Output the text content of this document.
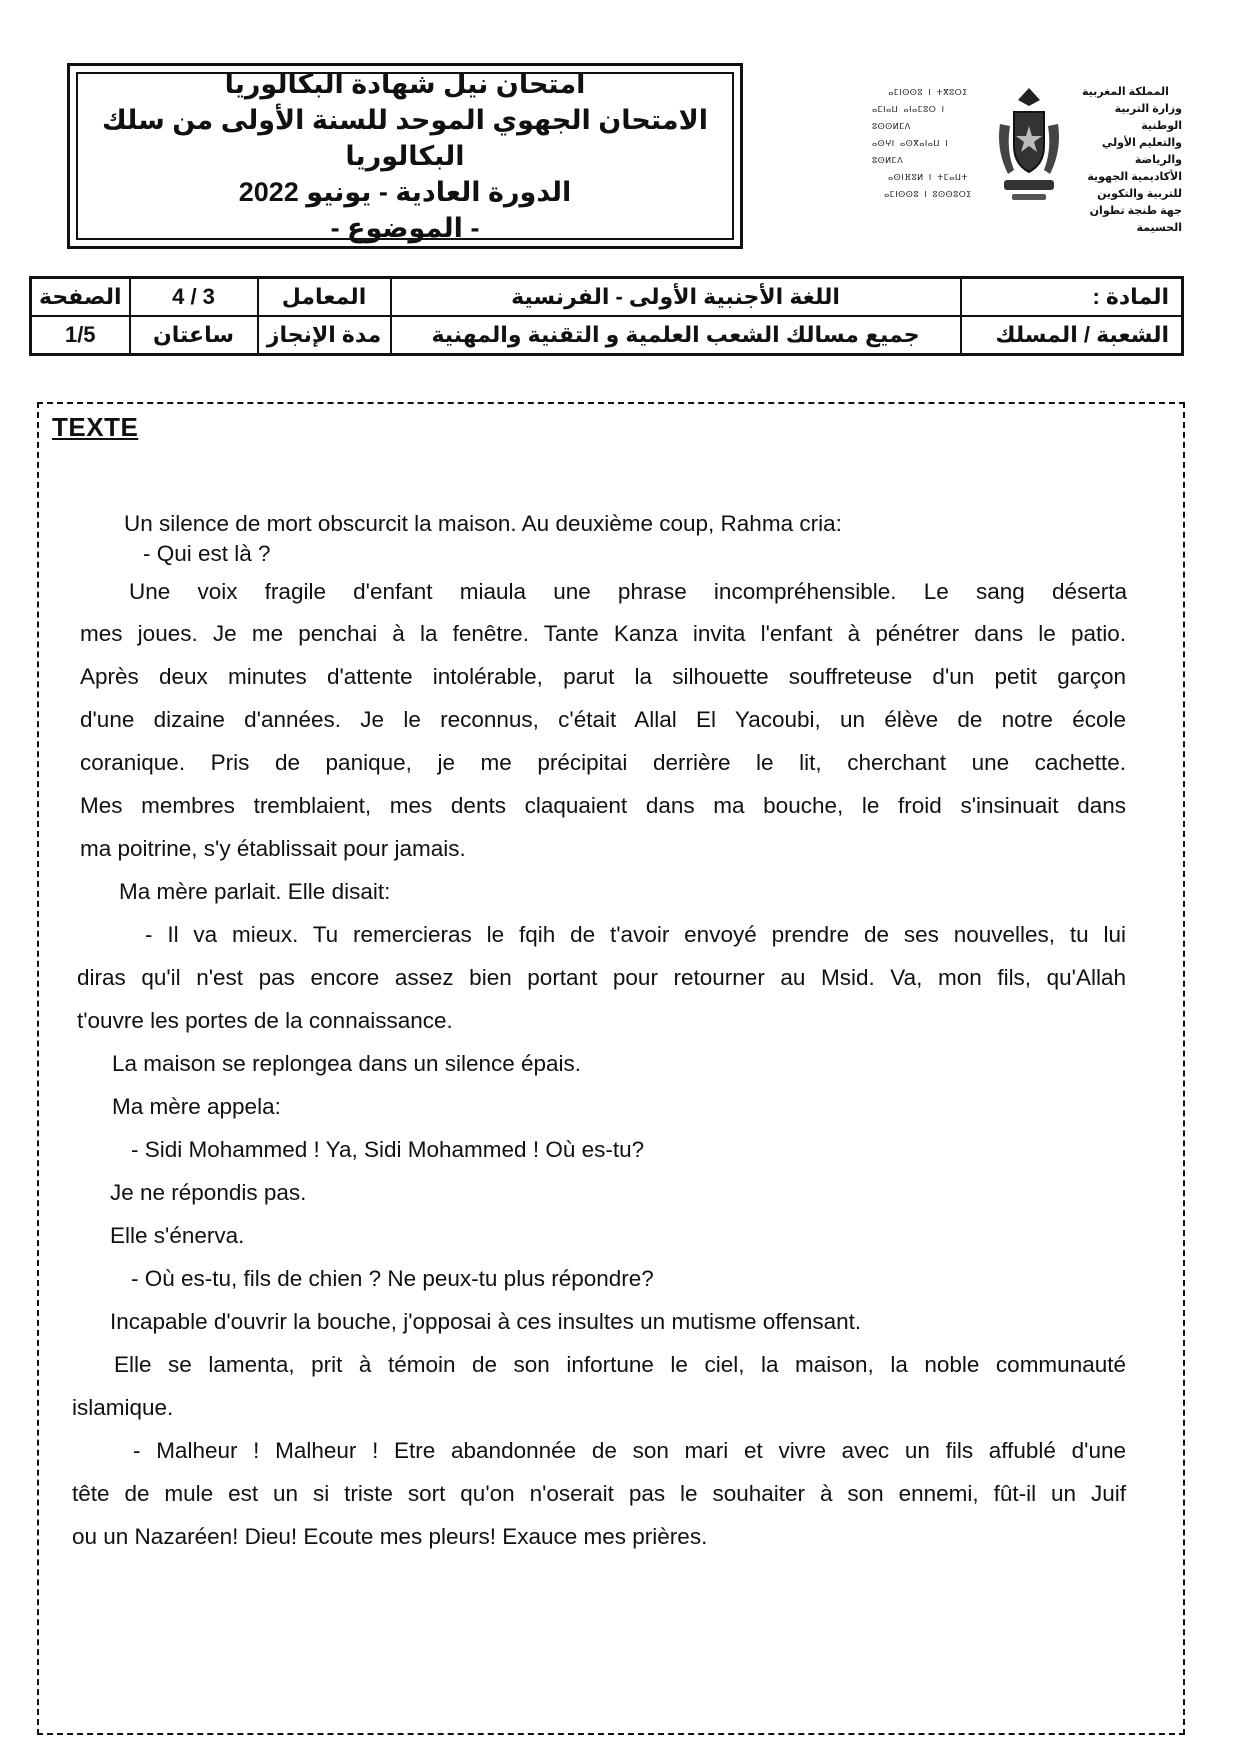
امتحان نيل شهادة البكالوريا
الامتحان الجهوي الموحد للسنة الأولى من سلك البكالوريا
الدورة العادية - يونيو 2022
- الموضوع -
ⴰⵎⵏⵙⵙⵓ ⵏ ⵜⴳⵓⵔⵉ
ⴰⵎⵏⴰⵡ ⴰⵏⴰⵎⵓⵔ ⵏ ⵓⵙⵙⵍⵎⴷ
ⴰⵙⵖⵏ ⴰⵙⴳⴰⵏⴰⵡ ⵏ ⵓⵙⵍⵎⴷ
ⴰⵙⵏⴼⵓⵍ ⵏ ⵜⵎⴰⵡⵜ
ⴰⵎⵏⵙⵙⵓ ⵏ ⵓⵙⵙⵓⵔⵉ
المملكة المغربية
وزارة التربية الوطنية
والتعليم الأولي والرياضة
الأكاديمية الجهوية للتربية والتكوين
جهة طنجة تطوان الحسيمة
المادة :	اللغة الأجنبية الأولى - الفرنسية	المعامل	3 / 4	الصفحة
الشعبة / المسلك	جميع مسالك الشعب العلمية و التقنية والمهنية	مدة الإنجاز	ساعتان	1/5
TEXTE
Un silence de mort obscurcit la maison. Au deuxième coup, Rahma cria:
- Qui est là ?
Une voix fragile d'enfant miaula une phrase incompréhensible. Le sang déserta
mes joues. Je me penchai à la fenêtre. Tante Kanza invita l'enfant à pénétrer dans le patio.
Après deux minutes d'attente intolérable, parut la silhouette souffreteuse d'un petit garçon
d'une dizaine d'années. Je le reconnus, c'était Allal El Yacoubi, un élève de notre école
coranique. Pris de panique, je me précipitai derrière le lit, cherchant une cachette.
Mes membres tremblaient, mes dents claquaient dans ma bouche, le froid s'insinuait dans
ma poitrine, s'y établissait pour jamais.
Ma mère parlait. Elle disait:
- Il va mieux. Tu remercieras le fqih de t'avoir envoyé prendre de ses nouvelles, tu lui
diras qu'il n'est pas encore assez bien portant pour retourner au Msid. Va, mon fils, qu'Allah
t'ouvre les portes de la connaissance.
La maison se replongea dans un silence épais.
Ma mère appela:
- Sidi Mohammed ! Ya, Sidi Mohammed ! Où es-tu?
Je ne répondis pas.
Elle s'énerva.
- Où es-tu, fils de chien ? Ne peux-tu plus répondre?
Incapable d'ouvrir la bouche, j'opposai à ces insultes un mutisme offensant.
Elle se lamenta, prit à témoin de son infortune le ciel, la maison, la noble communauté
islamique.
- Malheur ! Malheur ! Etre abandonnée de son mari et vivre avec un fils affublé d'une
tête de mule est un si triste sort qu'on n'oserait pas le souhaiter à son ennemi, fût-il un Juif
ou un Nazaréen! Dieu! Ecoute mes pleurs! Exauce mes prières.
